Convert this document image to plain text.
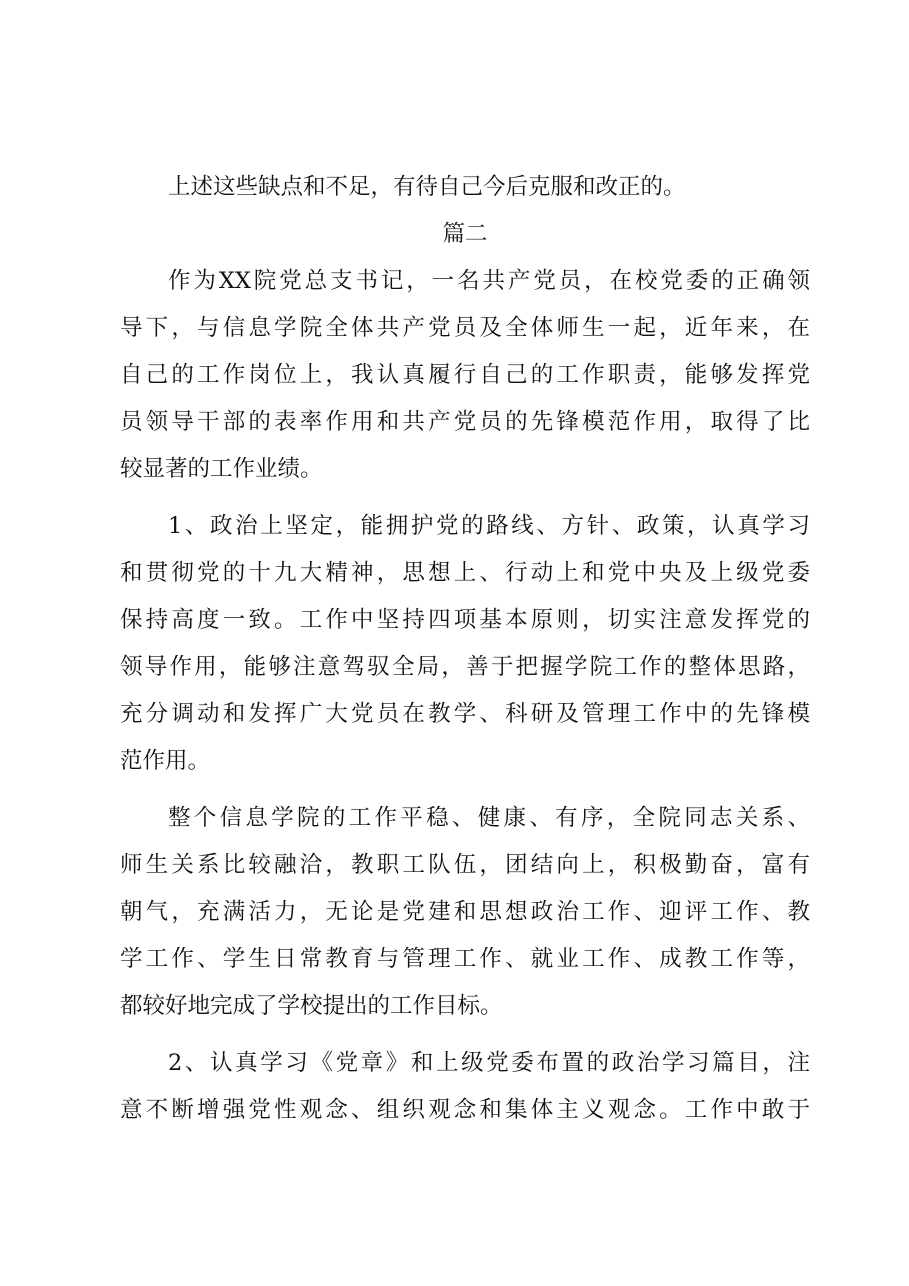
上述这些缺点和不足，有待自己今后克服和改正的。
篇二
作为XX院党总支书记，一名共产党员，在校党委的正确领
导下，与信息学院全体共产党员及全体师生一起，近年来，在
自己的工作岗位上，我认真履行自己的工作职责，能够发挥党
员领导干部的表率作用和共产党员的先锋模范作用，取得了比
较显著的工作业绩。
1、政治上坚定，能拥护党的路线、方针、政策，认真学习
和贯彻党的十九大精神，思想上、行动上和党中央及上级党委
保持高度一致。工作中坚持四项基本原则，切实注意发挥党的
领导作用，能够注意驾驭全局，善于把握学院工作的整体思路，
充分调动和发挥广大党员在教学、科研及管理工作中的先锋模
范作用。
整个信息学院的工作平稳、健康、有序，全院同志关系、
师生关系比较融洽，教职工队伍，团结向上，积极勤奋，富有
朝气，充满活力，无论是党建和思想政治工作、迎评工作、教
学工作、学生日常教育与管理工作、就业工作、成教工作等，
都较好地完成了学校提出的工作目标。
2、认真学习《党章》和上级党委布置的政治学习篇目，注
意不断增强党性观念、组织观念和集体主义观念。工作中敢于
